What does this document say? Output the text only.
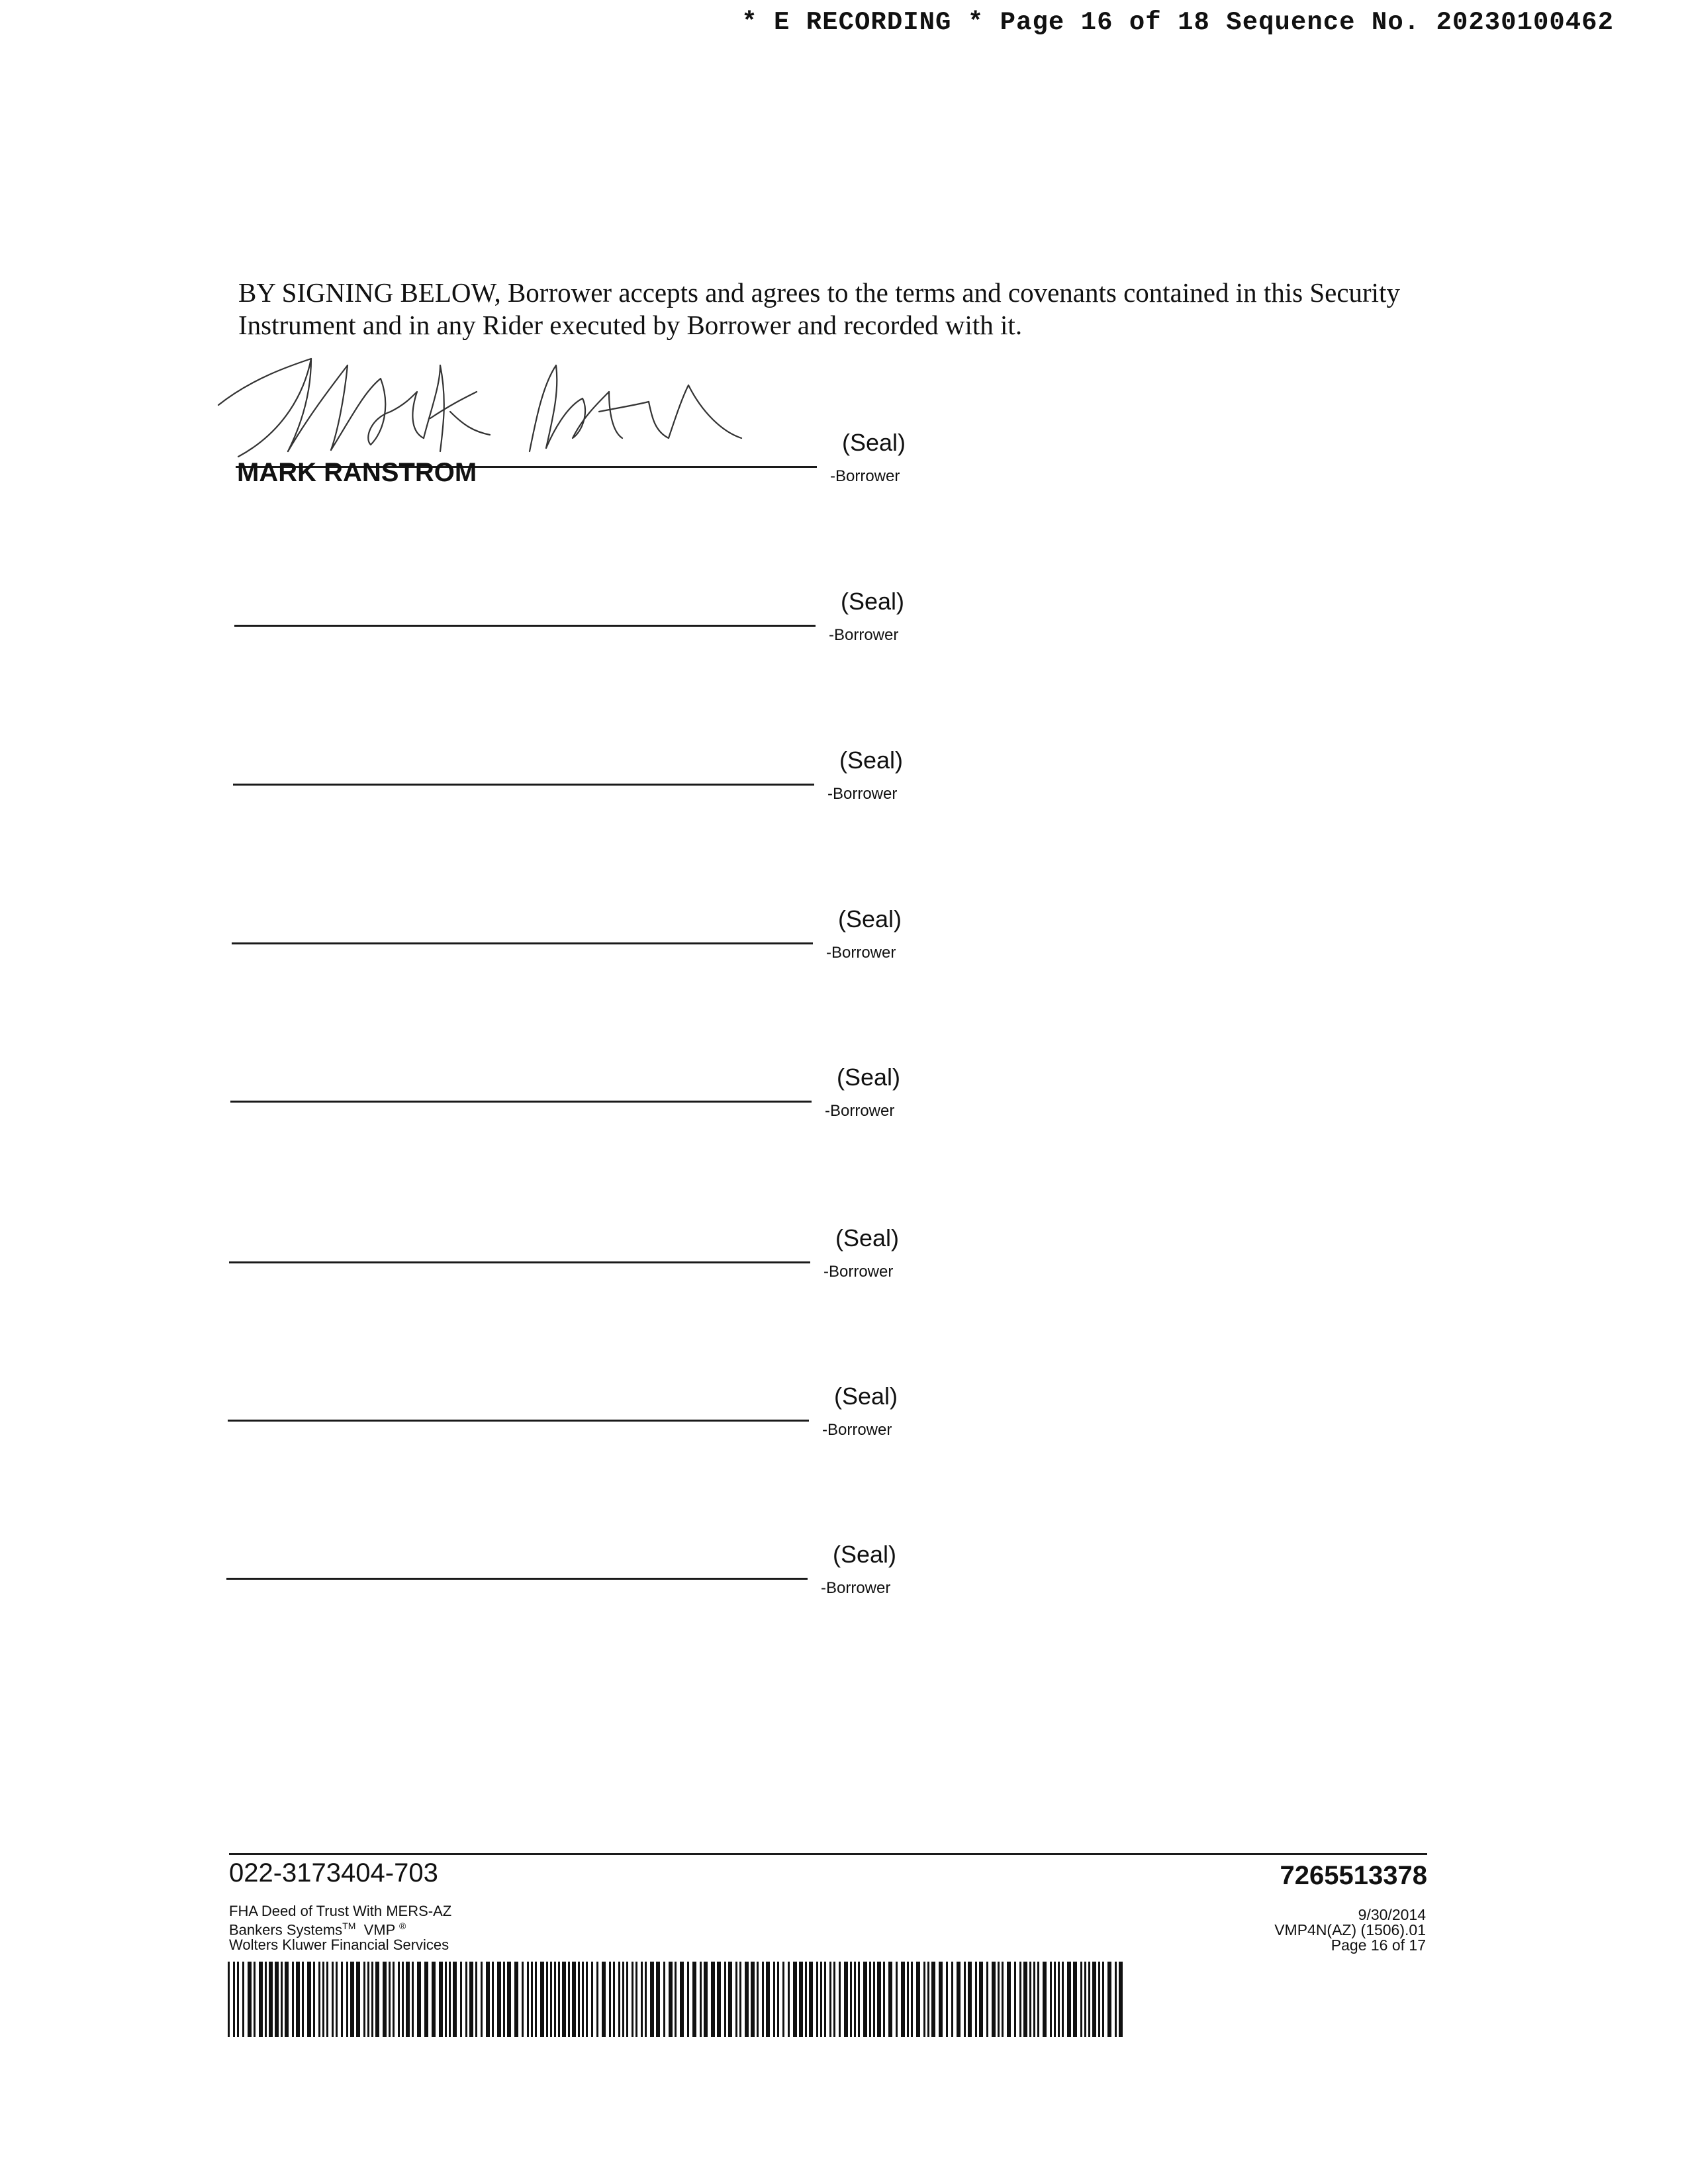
* E RECORDING * Page 16 of 18 Sequence No. 20230100462

BY SIGNING BELOW, Borrower accepts and agrees to the terms and covenants contained in this Security Instrument and in any Rider executed by Borrower and recorded with it.

(Seal)
-Borrower
MARK RANSTROM
(Seal)
-Borrower
(Seal)
-Borrower
(Seal)
-Borrower
(Seal)
-Borrower
(Seal)
-Borrower
(Seal)
-Borrower
(Seal)
-Borrower
022-3173404-703	7265513378
FHA Deed of Trust With MERS-AZ
Bankers Systems™ VMP ®
Wolters Kluwer Financial Services
9/30/2014
VMP4N(AZ) (1506).01
Page 16 of 17
